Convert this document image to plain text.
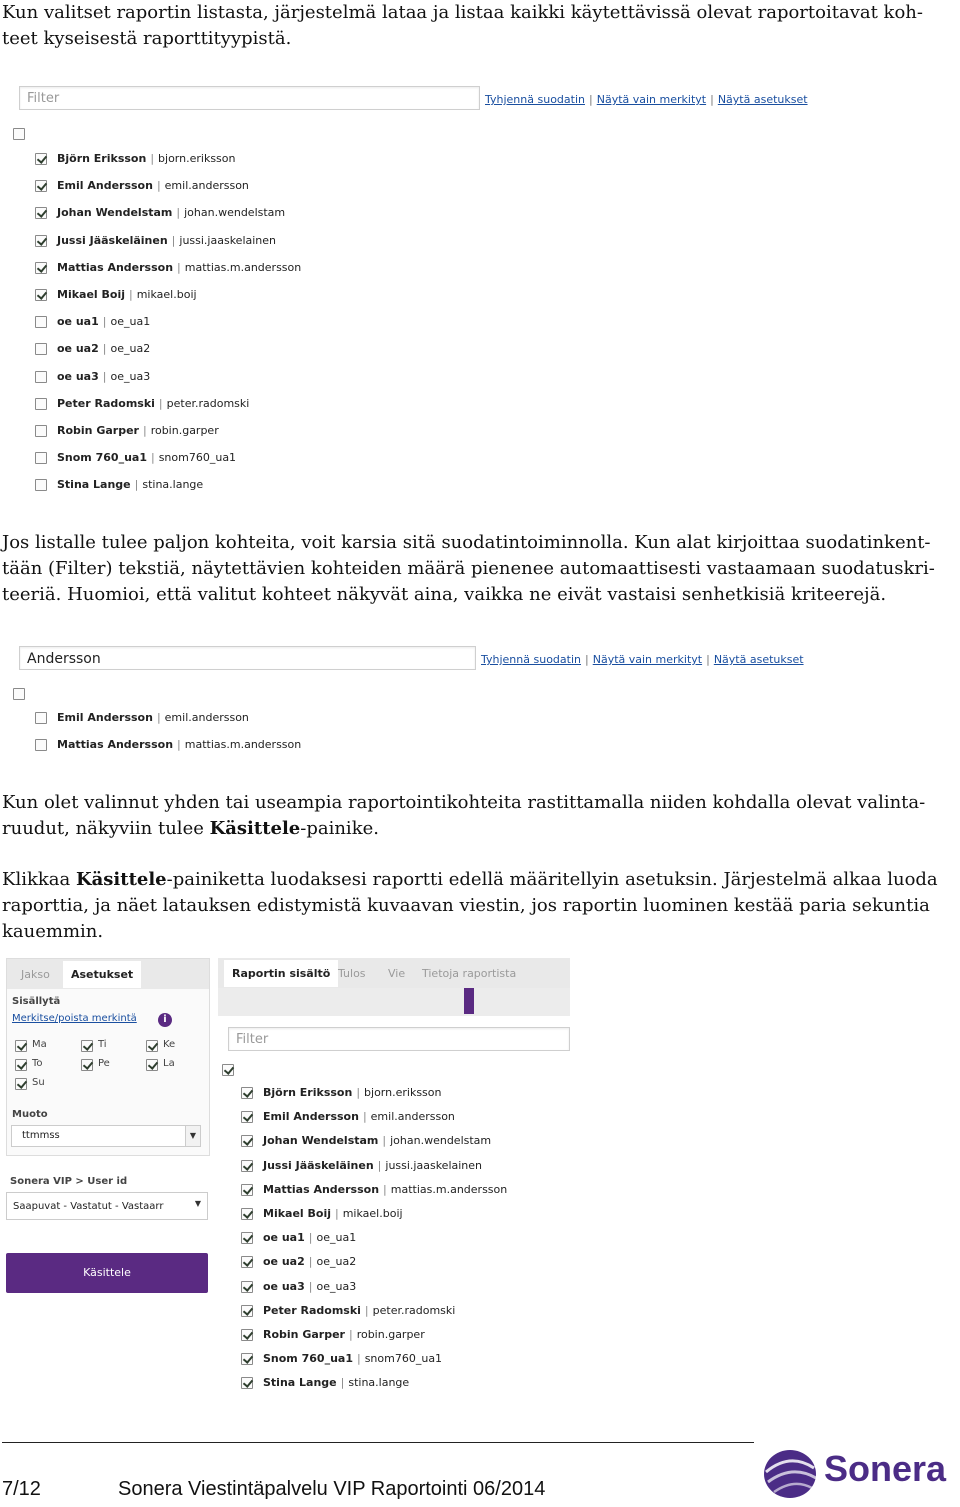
Kun valitset raportin listasta, järjestelmä lataa ja listaa kaikki käytettävissä olevat raportoitavat koh-
teet kyseisestä raporttityypistä.

Filter	Tyhjennä suodatin | Näytä vain merkityt | Näytä asetukset
Björn Eriksson | bjorn.eriksson
Emil Andersson | emil.andersson
Johan Wendelstam | johan.wendelstam
Jussi Jääskeläinen | jussi.jaaskelainen
Mattias Andersson | mattias.m.andersson
Mikael Boij | mikael.boij
oe ua1 | oe_ua1
oe ua2 | oe_ua2
oe ua3 | oe_ua3
Peter Radomski | peter.radomski
Robin Garper | robin.garper
Snom 760_ua1 | snom760_ua1
Stina Lange | stina.lange

Jos listalle tulee paljon kohteita, voit karsia sitä suodatintoiminnolla. Kun alat kirjoittaa suodatinkent-
tään (Filter) tekstiä, näytettävien kohteiden määrä pienenee automaattisesti vastaamaan suodatuskri-
teeriä. Huomioi, että valitut kohteet näkyvät aina, vaikka ne eivät vastaisi senhetkisiä kriteerejä.

Andersson	Tyhjennä suodatin | Näytä vain merkityt | Näytä asetukset
Emil Andersson | emil.andersson
Mattias Andersson | mattias.m.andersson

Kun olet valinnut yhden tai useampia raportointikohteita rastittamalla niiden kohdalla olevat valinta-
ruudut, näkyviin tulee Käsittele-painike.

Klikkaa Käsittele-painiketta luodaksesi raportti edellä määritellyin asetuksin. Järjestelmä alkaa luoda
raporttia, ja näet latauksen edistymistä kuvaavan viestin, jos raportin luominen kestää paria sekuntia
kauemmin.

Jakso	Asetukset
Sisällytä
Merkitse/poista merkintä	i
Muoto
ttmmss	▼
Sonera VIP > User id
Saapuvat - Vastatut - Vastaarr	▼
Käsittele
Raportin sisältö Tulos Vie Tietoja raportista
Filter
Björn Eriksson | bjorn.eriksson
Emil Andersson | emil.andersson
Johan Wendelstam | johan.wendelstam
Jussi Jääskeläinen | jussi.jaaskelainen
Mattias Andersson | mattias.m.andersson
Mikael Boij | mikael.boij
oe ua1 | oe_ua1
oe ua2 | oe_ua2
oe ua3 | oe_ua3
Peter Radomski | peter.radomski
Robin Garper | robin.garper
Snom 760_ua1 | snom760_ua1
Stina Lange | stina.lange
7/12	Sonera Viestintäpalvelu VIP Raportointi 06/2014	Sonera
Ma	Ti	Ke
To	Pe	La
Su
